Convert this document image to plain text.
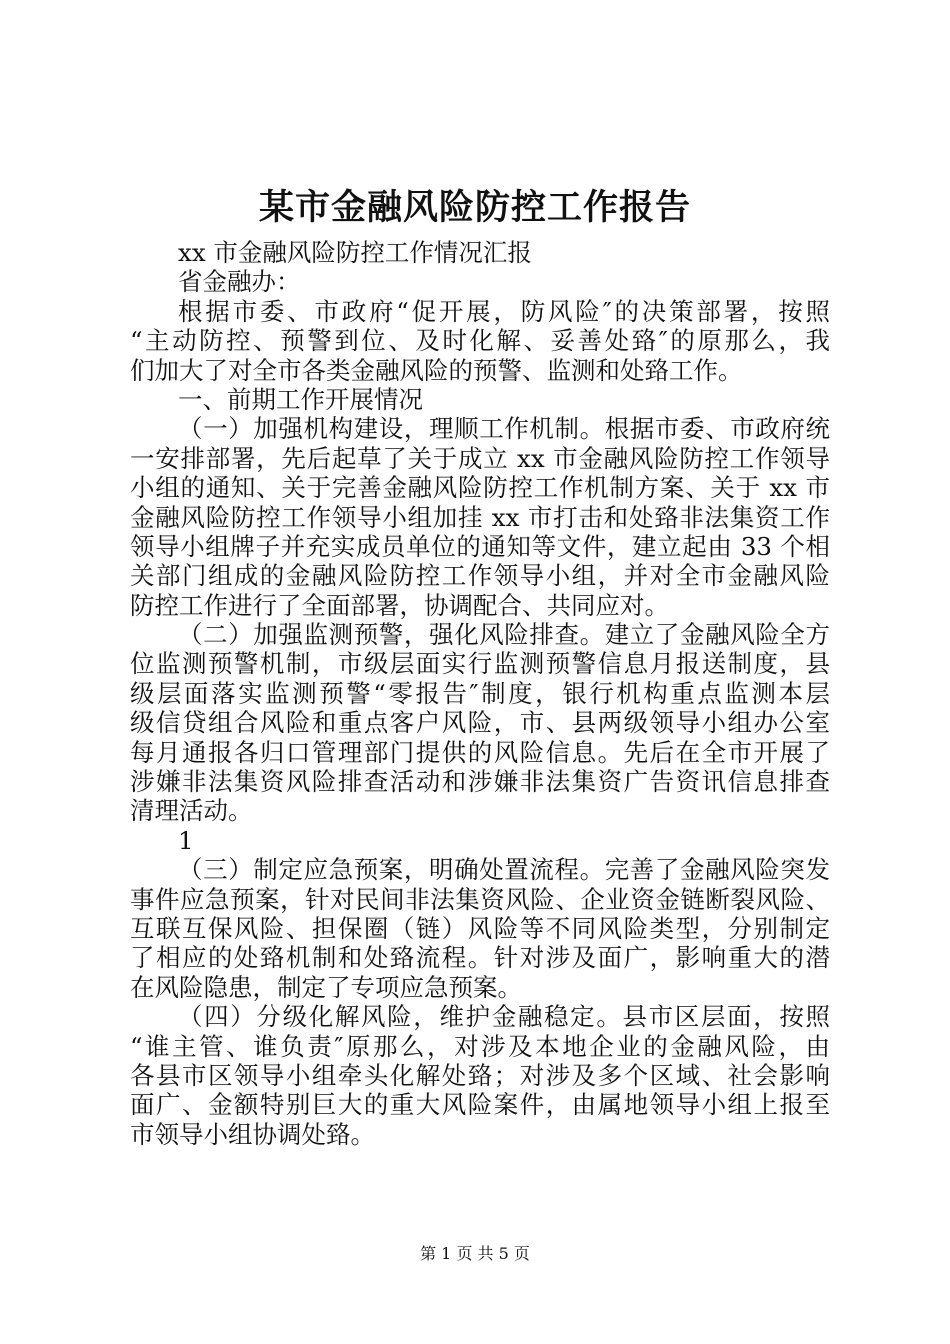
某市金融风险防控工作报告
xx 市金融风险防控工作情况汇报
省金融办：
根据市委、市政府“促开展，防风险″的决策部署，按照
“主动防控、预警到位、及时化解、妥善处臵″的原那么，我
们加大了对全市各类金融风险的预警、监测和处臵工作。
一、前期工作开展情况
（一）加强机构建设，理顺工作机制。根据市委、市政府统
一安排部署，先后起草了关于成立 xx 市金融风险防控工作领导
小组的通知、关于完善金融风险防控工作机制方案、关于 xx 市
金融风险防控工作领导小组加挂 xx 市打击和处臵非法集资工作
领导小组牌子并充实成员单位的通知等文件，建立起由 33 个相
关部门组成的金融风险防控工作领导小组，并对全市金融风险
防控工作进行了全面部署，协调配合、共同应对。
（二）加强监测预警，强化风险排查。建立了金融风险全方
位监测预警机制，市级层面实行监测预警信息月报送制度，县
级层面落实监测预警“零报告″制度，银行机构重点监测本层
级信贷组合风险和重点客户风险，市、县两级领导小组办公室
每月通报各归口管理部门提供的风险信息。先后在全市开展了
涉嫌非法集资风险排查活动和涉嫌非法集资广告资讯信息排查
清理活动。
1
（三）制定应急预案，明确处置流程。完善了金融风险突发
事件应急预案，针对民间非法集资风险、企业资金链断裂风险、
互联互保风险、担保圈（链）风险等不同风险类型，分别制定
了相应的处臵机制和处臵流程。针对涉及面广，影响重大的潜
在风险隐患，制定了专项应急预案。
（四）分级化解风险，维护金融稳定。县市区层面，按照
“谁主管、谁负责″原那么，对涉及本地企业的金融风险，由
各县市区领导小组牵头化解处臵；对涉及多个区域、社会影响
面广、金额特别巨大的重大风险案件，由属地领导小组上报至
市领导小组协调处臵。
第 1 页 共 5 页
